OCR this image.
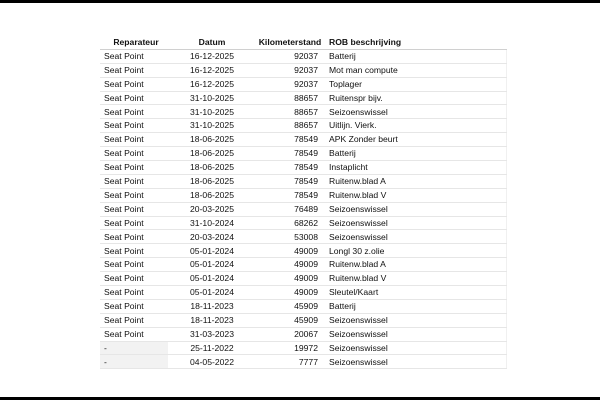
Reparateur	Datum	Kilometerstand	ROB beschrijving
Seat Point	16-12-2025	92037	Batterij
Seat Point	16-12-2025	92037	Mot man compute
Seat Point	16-12-2025	92037	Toplager
Seat Point	31-10-2025	88657	Ruitenspr bijv.
Seat Point	31-10-2025	88657	Seizoenswissel
Seat Point	31-10-2025	88657	Uitlijn. Vierk.
Seat Point	18-06-2025	78549	APK Zonder beurt
Seat Point	18-06-2025	78549	Batterij
Seat Point	18-06-2025	78549	Instaplicht
Seat Point	18-06-2025	78549	Ruitenw.blad A
Seat Point	18-06-2025	78549	Ruitenw.blad V
Seat Point	20-03-2025	76489	Seizoenswissel
Seat Point	31-10-2024	68262	Seizoenswissel
Seat Point	20-03-2024	53008	Seizoenswissel
Seat Point	05-01-2024	49009	Longl 30 z.olie
Seat Point	05-01-2024	49009	Ruitenw.blad A
Seat Point	05-01-2024	49009	Ruitenw.blad V
Seat Point	05-01-2024	49009	Sleutel/Kaart
Seat Point	18-11-2023	45909	Batterij
Seat Point	18-11-2023	45909	Seizoenswissel
Seat Point	31-03-2023	20067	Seizoenswissel
-	25-11-2022	19972	Seizoenswissel
-	04-05-2022	7777	Seizoenswissel
